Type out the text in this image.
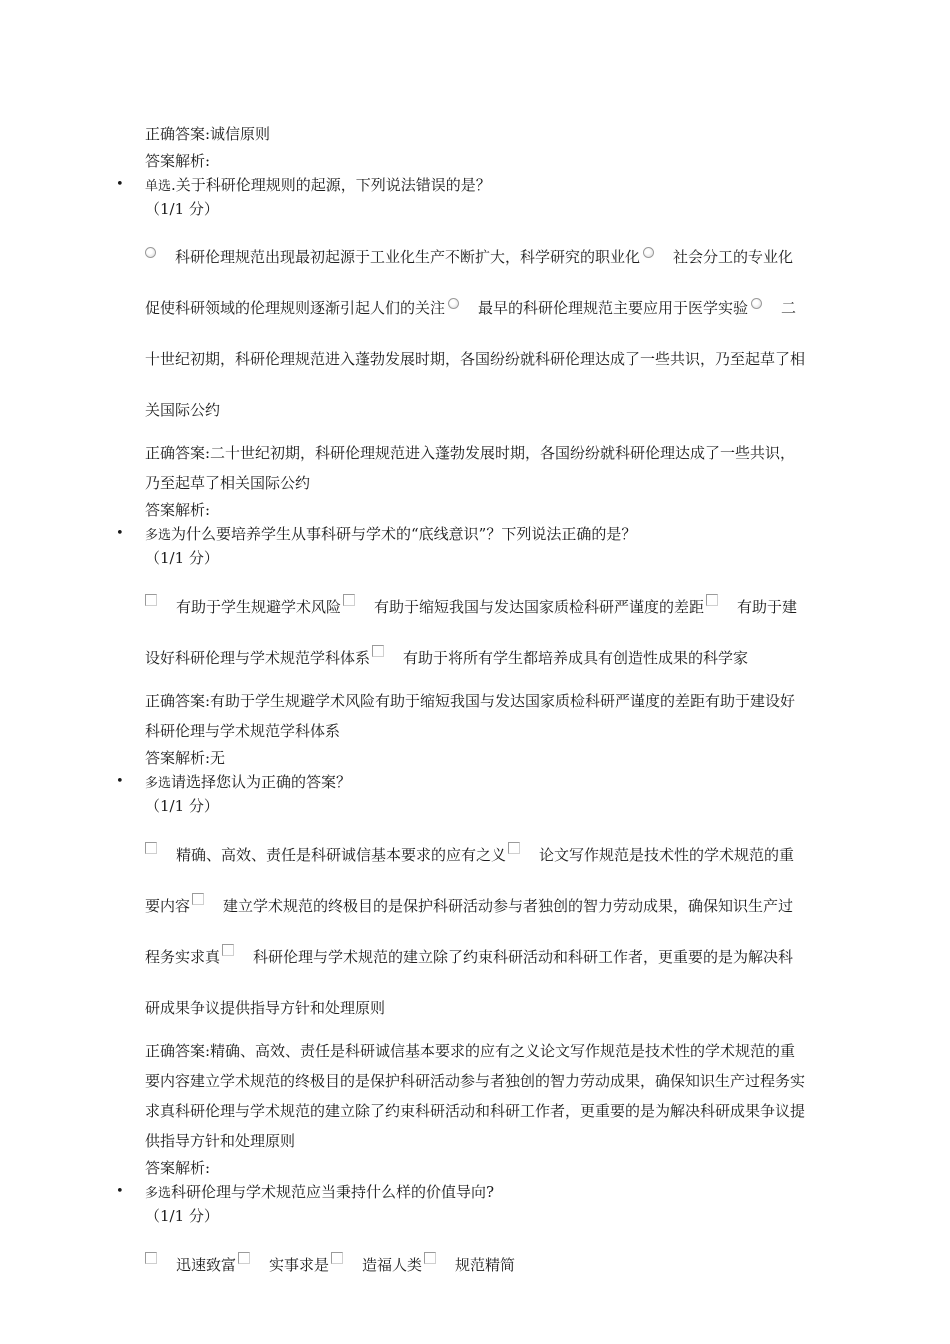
正确答案:诚信原则
答案解析:
• 单选.关于科研伦理规则的起源，下列说法错误的是？
（1/1 分）
科研伦理规范出现最初起源于工业化生产不断扩大，科学研究的职业化 社会分工的专业化促使科研领域的伦理规则逐渐引起人们的关注 最早的科研伦理规范主要应用于医学实验 二十世纪初期，科研伦理规范进入蓬勃发展时期，各国纷纷就科研伦理达成了一些共识，乃至起草了相关国际公约
正确答案:二十世纪初期，科研伦理规范进入蓬勃发展时期，各国纷纷就科研伦理达成了一些共识，乃至起草了相关国际公约
答案解析:
• 多选为什么要培养学生从事科研与学术的“底线意识”？下列说法正确的是？
（1/1 分）
有助于学生规避学术风险 有助于缩短我国与发达国家质检科研严谨度的差距 有助于建设好科研伦理与学术规范学科体系 有助于将所有学生都培养成具有创造性成果的科学家
正确答案:有助于学生规避学术风险有助于缩短我国与发达国家质检科研严谨度的差距有助于建设好科研伦理与学术规范学科体系
答案解析:无
• 多选请选择您认为正确的答案？
（1/1 分）
精确、高效、责任是科研诚信基本要求的应有之义 论文写作规范是技术性的学术规范的重要内容 建立学术规范的终极目的是保护科研活动参与者独创的智力劳动成果，确保知识生产过程务实求真 科研伦理与学术规范的建立除了约束科研活动和科研工作者，更重要的是为解决科研成果争议提供指导方针和处理原则
正确答案:精确、高效、责任是科研诚信基本要求的应有之义论文写作规范是技术性的学术规范的重要内容建立学术规范的终极目的是保护科研活动参与者独创的智力劳动成果，确保知识生产过程务实求真科研伦理与学术规范的建立除了约束科研活动和科研工作者，更重要的是为解决科研成果争议提供指导方针和处理原则
答案解析:
• 多选科研伦理与学术规范应当秉持什么样的价值导向?
（1/1 分）
迅速致富 实事求是 造福人类 规范精简
